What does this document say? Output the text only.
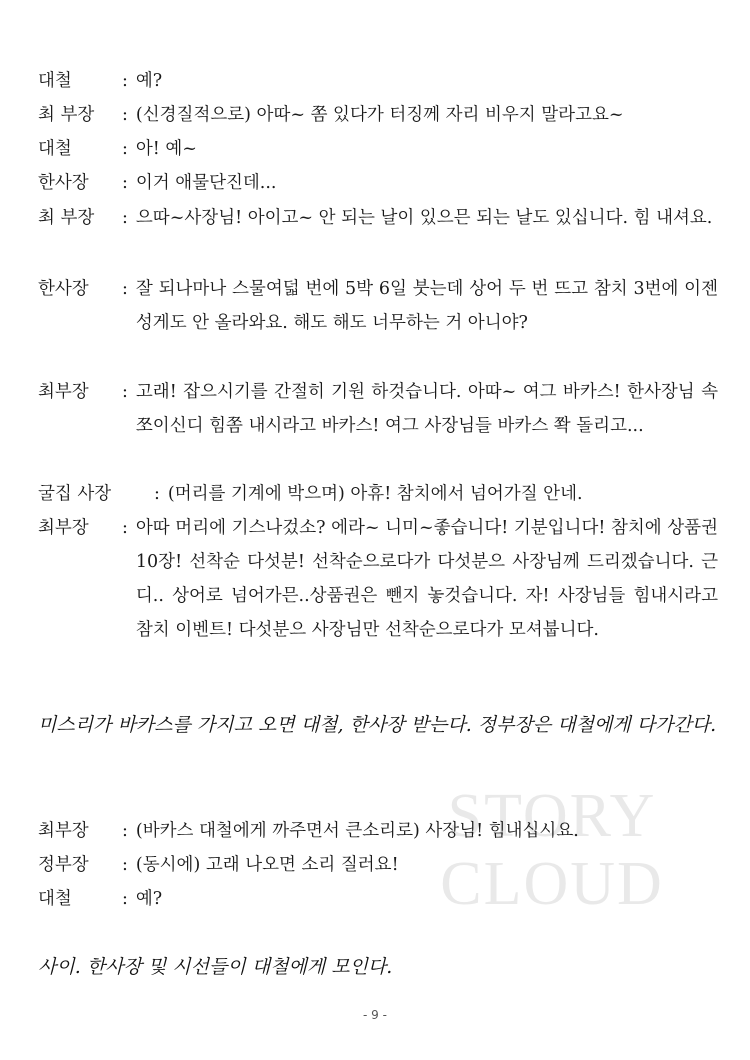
STORY
CLOUD
대철	: 예?
최 부장	: (신경질적으로) 아따~ 쫌 있다가 터징께 자리 비우지 말라고요~
대철	: 아! 예~
한사장	: 이거 애물단진데...
최 부장	: 으따~사장님! 아이고~ 안 되는 날이 있으믄 되는 날도 있십니다. 힘 내셔요.
한사장	: 잘 되나마나 스물여덟 번에 5박 6일 붓는데 상어 두 번 뜨고 참치 3번에 이젠 성게도 안 올라와요. 해도 해도 너무하는 거 아니야?
최부장	: 고래! 잡으시기를 간절히 기원 하것습니다. 아따~ 여그 바카스! 한사장님 속 쪼이신디 힘쫌 내시라고 바카스! 여그 사장님들 바카스 쫙 돌리고...
굴집 사장	: (머리를 기계에 박으며) 아휴! 참치에서 넘어가질 안네.
최부장	: 아따 머리에 기스나겄소? 에라~ 니미~좋습니다! 기분입니다! 참치에 상품권 10장! 선착순 다섯분! 선착순으로다가 다섯분으 사장님께 드리겠습니다. 근디.. 상어로 넘어가믄..상품권은 뺀지 놓것습니다. 자! 사장님들 힘내시라고 참치 이벤트! 다섯분으 사장님만 선착순으로다가 모셔붑니다.
미스리가 바카스를 가지고 오면 대철, 한사장 받는다. 정부장은 대철에게 다가간다.
최부장	: (바카스 대철에게 까주면서 큰소리로) 사장님! 힘내십시요.
정부장	: (동시에) 고래 나오면 소리 질러요!
대철	: 예?
사이. 한사장 및 시선들이 대철에게 모인다.
- 9 -
